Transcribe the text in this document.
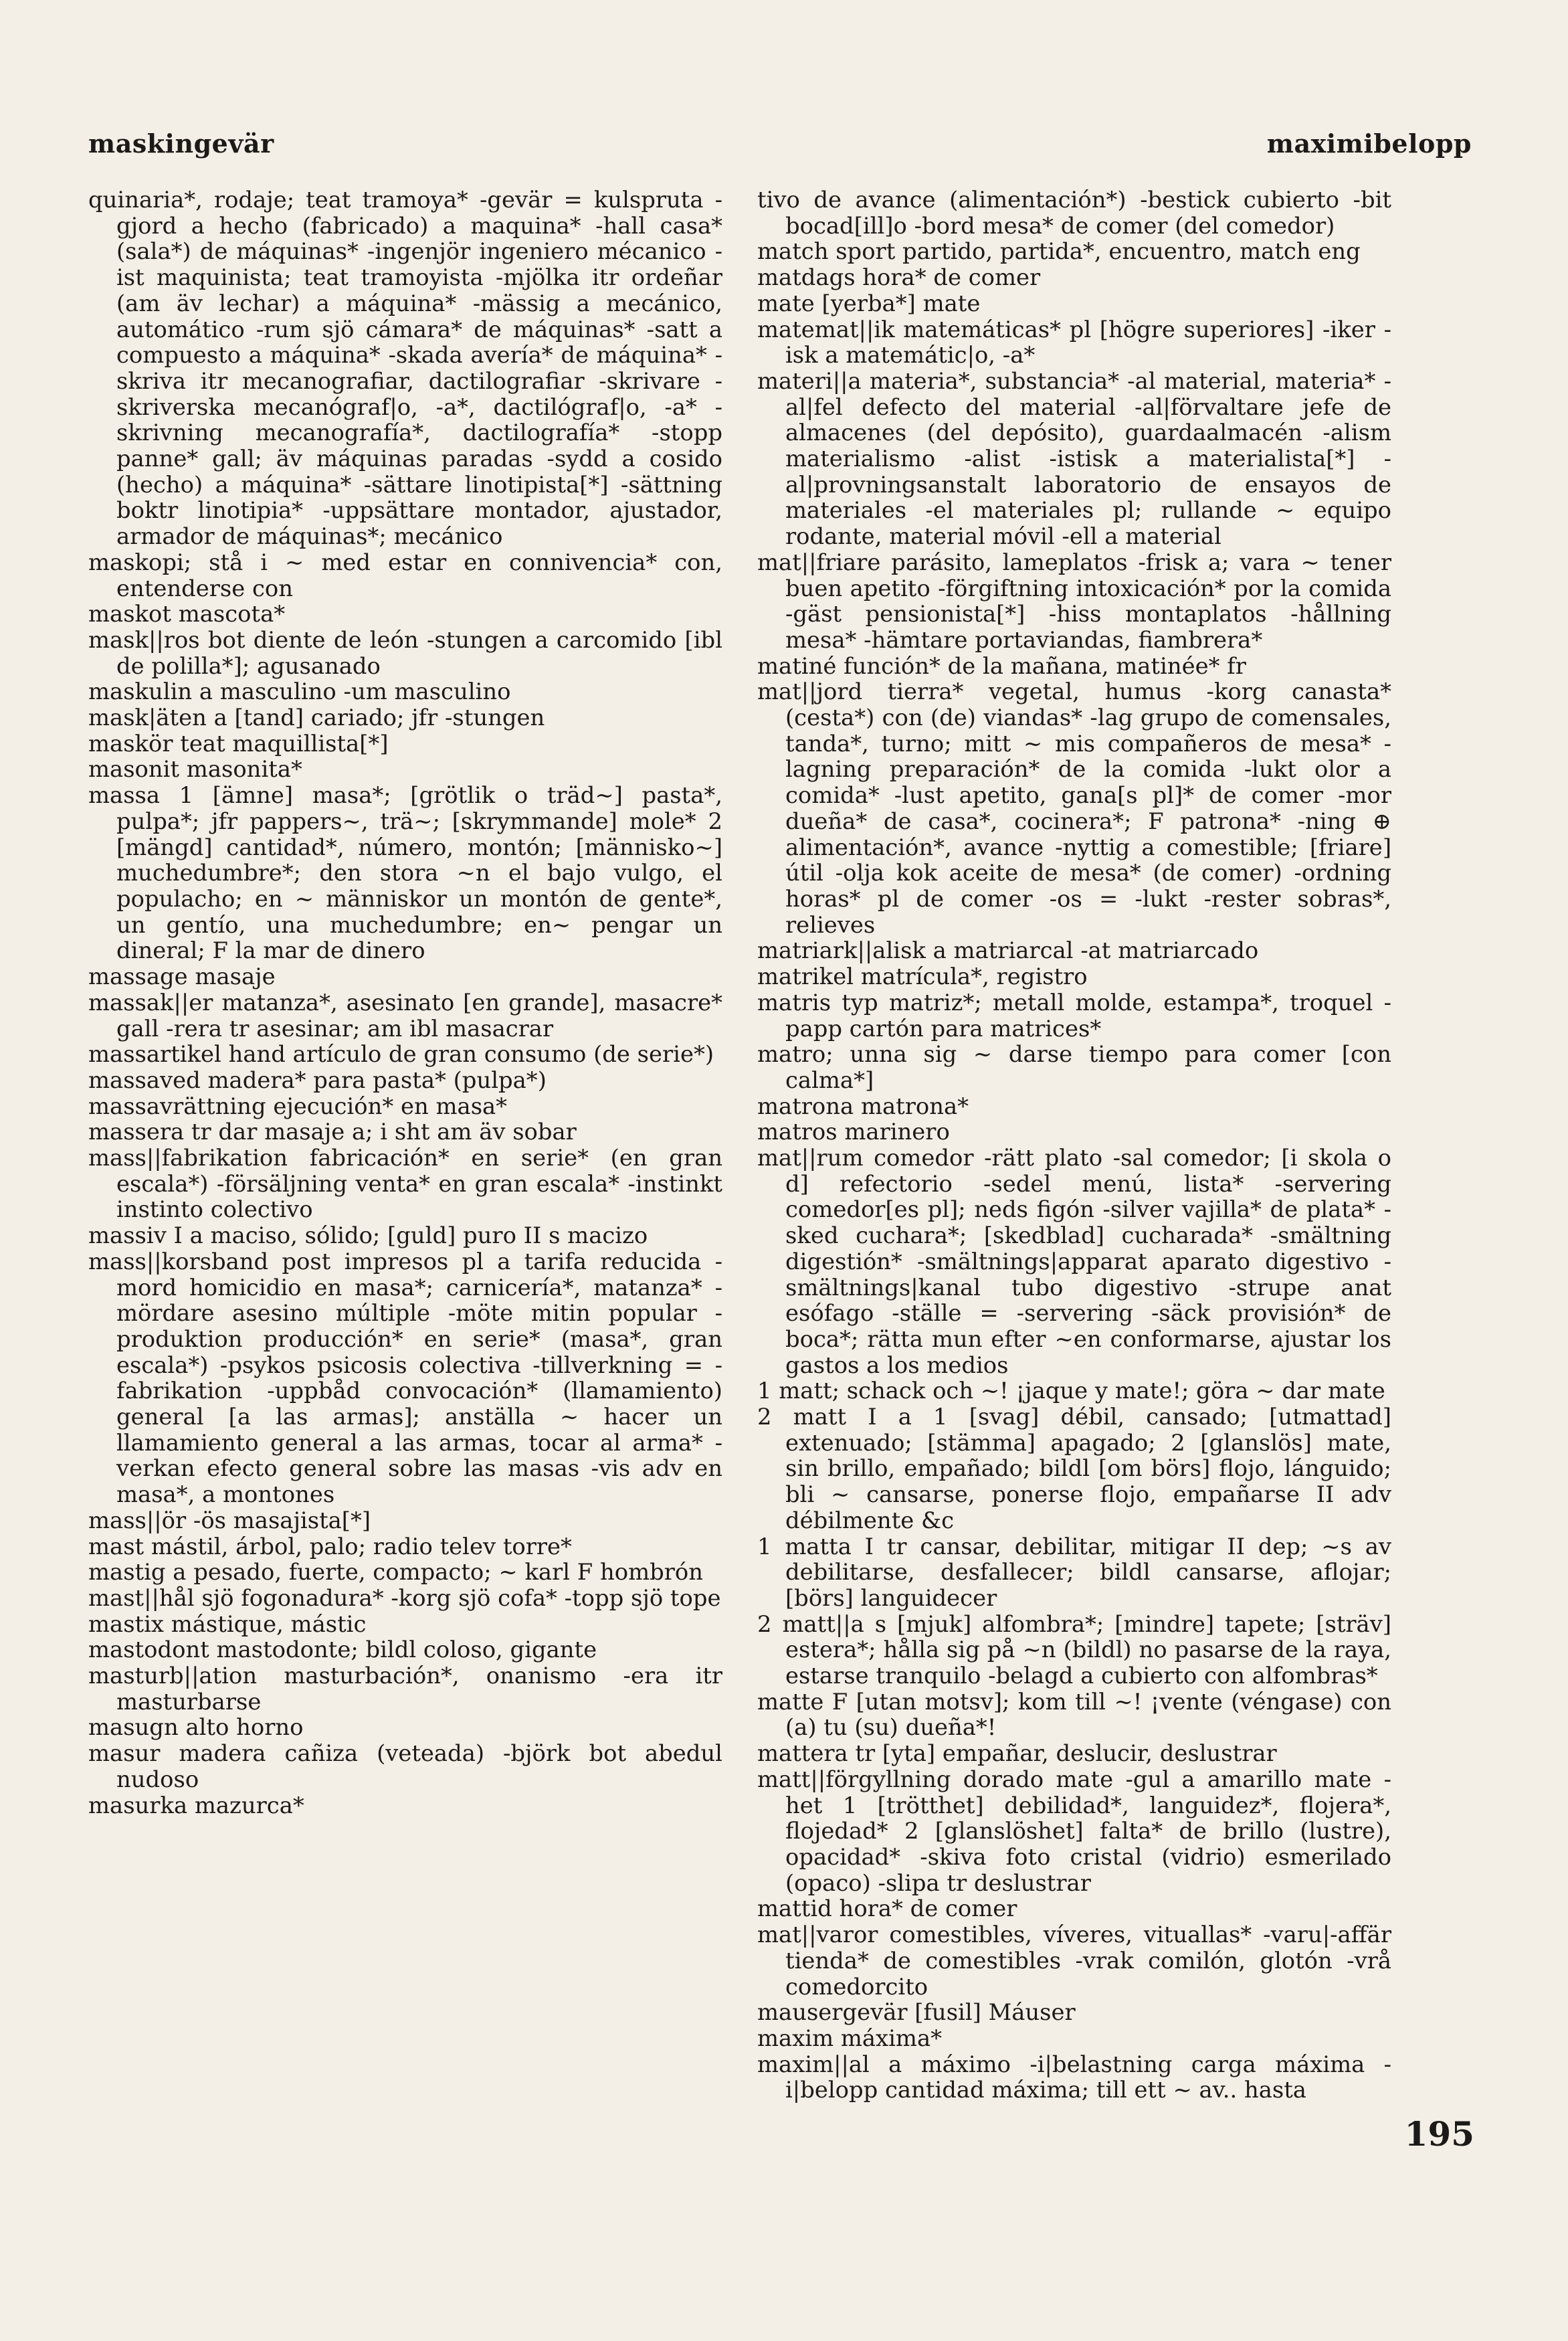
maskingevär	maximibelopp

quinaria*, rodaje; teat tramoya* -gevär = kulspruta -gjord a hecho (fabricado) a maquina* -hall casa* (sala*) de máquinas* -ingenjör ingeniero mécanico -ist maquinista; teat tramoyista -mjölka itr ordeñar (am äv lechar) a máquina* -mässig a mecánico, automático -rum sjö cámara* de máquinas* -satt a compuesto a máquina* -skada avería* de máquina* -skriva itr mecanografiar, dactilografiar -skrivare -skriverska mecanógraf|o, -a*, dactilógraf|o, -a* -skrivning mecanografía*, dactilografía* -stopp panne* gall; äv máquinas paradas -sydd a cosido (hecho) a máquina* -sättare linotipista[*] -sättning boktr linotipia* -uppsättare montador, ajustador, armador de máquinas*; mecánico

maskopi; stå i ~ med estar en connivencia* con, entenderse con

maskot mascota*

mask||ros bot diente de león -stungen a carcomido [ibl de polilla*]; agusanado

maskulin a masculino -um masculino

mask|äten a [tand] cariado; jfr -stungen

maskör teat maquillista[*]

masonit masonita*

massa 1 [ämne] masa*; [grötlik o träd~] pasta*, pulpa*; jfr pappers~, trä~; [skrymmande] mole* 2 [mängd] cantidad*, número, montón; [människo~] muchedumbre*; den stora ~n el bajo vulgo, el populacho; en ~ människor un montón de gente*, un gentío, una muchedumbre; en~ pengar un dineral; F la mar de dinero

massage masaje

massak||er matanza*, asesinato [en grande], masacre* gall -rera tr asesinar; am ibl masacrar

massartikel hand artículo de gran consumo (de serie*)

massaved madera* para pasta* (pulpa*)

massavrättning ejecución* en masa*

massera tr dar masaje a; i sht am äv sobar

mass||fabrikation fabricación* en serie* (en gran escala*) -försäljning venta* en gran escala* -instinkt instinto colectivo

massiv I a maciso, sólido; [guld] puro II s macizo

mass||korsband post impresos pl a tarifa reducida -mord homicidio en masa*; carnicería*, matanza* -mördare asesino múltiple -möte mitin popular -produktion producción* en serie* (masa*, gran escala*) -psykos psicosis colectiva -tillverkning = -fabrikation -uppbåd convocación* (llamamiento) general [a las armas]; anställa ~ hacer un llamamiento general a las armas, tocar al arma* -verkan efecto general sobre las masas -vis adv en masa*, a montones

mass||ör -ös masajista[*]

mast mástil, árbol, palo; radio telev torre*

mastig a pesado, fuerte, compacto; ~ karl F hombrón

mast||hål sjö fogonadura* -korg sjö cofa* -topp sjö tope

mastix mástique, mástic

mastodont mastodonte; bildl coloso, gigante

masturb||ation masturbación*, onanismo -era itr masturbarse

masugn alto horno

masur madera cañiza (veteada) -björk bot abedul nudoso

masurka mazurca*

tivo de avance (alimentación*) -bestick cubierto -bit bocad[ill]o -bord mesa* de comer (del comedor)

match sport partido, partida*, encuentro, match eng

matdags hora* de comer

mate [yerba*] mate

matemat||ik matemáticas* pl [högre superiores] -iker -isk a matemátic|o, -a*

materi||a materia*, substancia* -al material, materia* -al|fel defecto del material -al|förvaltare jefe de almacenes (del depósito), guardaalmacén -alism materialismo -alist -istisk a materialista[*] -al|provningsanstalt laboratorio de ensayos de materiales -el materiales pl; rullande ~ equipo rodante, material móvil -ell a material

mat||friare parásito, lameplatos -frisk a; vara ~ tener buen apetito -förgiftning intoxicación* por la comida -gäst pensionista[*] -hiss montaplatos -hållning mesa* -hämtare portaviandas, fiambrera*

matiné función* de la mañana, matinée* fr

mat||jord tierra* vegetal, humus -korg canasta* (cesta*) con (de) viandas* -lag grupo de comensales, tanda*, turno; mitt ~ mis compañeros de mesa* -lagning preparación* de la comida -lukt olor a comida* -lust apetito, gana[s pl]* de comer -mor dueña* de casa*, cocinera*; F patrona* -ning ⊕ alimentación*, avance -nyttig a comestible; [friare] útil -olja kok aceite de mesa* (de comer) -ordning horas* pl de comer -os = -lukt -rester sobras*, relieves

matriark||alisk a matriarcal -at matriarcado

matrikel matrícula*, registro

matris typ matriz*; metall molde, estampa*, troquel -papp cartón para matrices*

matro; unna sig ~ darse tiempo para comer [con calma*]

matrona matrona*

matros marinero

mat||rum comedor -rätt plato -sal comedor; [i skola o d] refectorio -sedel menú, lista* -servering comedor[es pl]; neds figón -silver vajilla* de plata* -sked cuchara*; [skedblad] cucharada* -smältning digestión* -smältnings|apparat aparato digestivo -smältnings|kanal tubo digestivo -strupe anat esófago -ställe = -servering -säck provisión* de boca*; rätta mun efter ~en conformarse, ajustar los gastos a los medios

1 matt; schack och ~! ¡jaque y mate!; göra ~ dar mate

2 matt I a 1 [svag] débil, cansado; [utmattad] extenuado; [stämma] apagado; 2 [glanslös] mate, sin brillo, empañado; bildl [om börs] flojo, lánguido; bli ~ cansarse, ponerse flojo, empañarse II adv débilmente &c

1 matta I tr cansar, debilitar, mitigar II dep; ~s av debilitarse, desfallecer; bildl cansarse, aflojar; [börs] languidecer

2 matt||a s [mjuk] alfombra*; [mindre] tapete; [sträv] estera*; hålla sig på ~n (bildl) no pasarse de la raya, estarse tranquilo -belagd a cubierto con alfombras*

matte F [utan motsv]; kom till ~! ¡vente (véngase) con (a) tu (su) dueña*!

mattera tr [yta] empañar, deslucir, deslustrar

matt||förgyllning dorado mate -gul a amarillo mate -het 1 [trötthet] debilidad*, languidez*, flojera*, flojedad* 2 [glanslöshet] falta* de brillo (lustre), opacidad* -skiva foto cristal (vidrio) esmerilado (opaco) -slipa tr deslustrar

mattid hora* de comer

mat||varor comestibles, víveres, vituallas* -varu|-affär tienda* de comestibles -vrak comilón, glotón -vrå comedorcito

mausergevär [fusil] Máuser

maxim máxima*

maxim||al a máximo -i|belastning carga máxima -i|belopp cantidad máxima; till ett ~ av.. hasta

195
